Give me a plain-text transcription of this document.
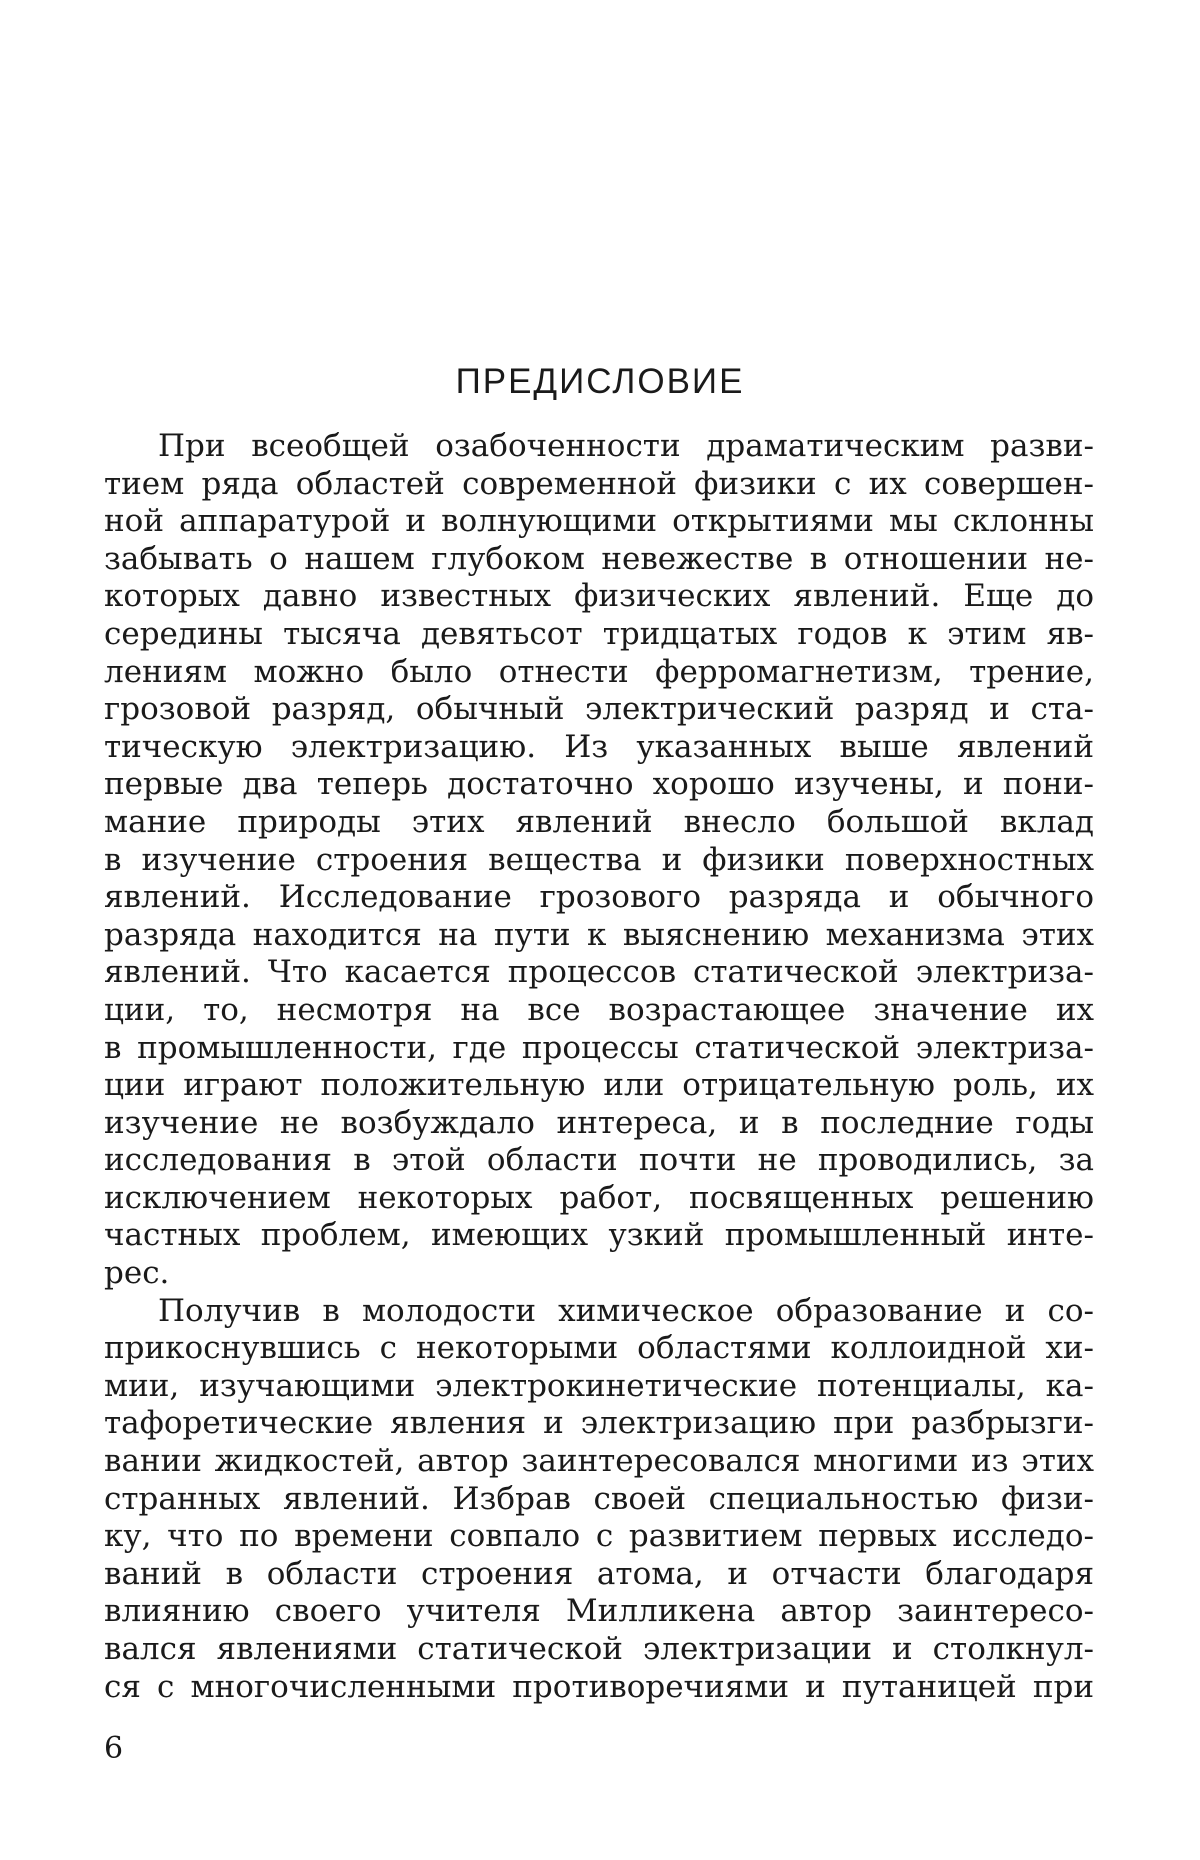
ПРЕДИСЛОВИЕ
При всеобщей озабоченности драматическим разви-
тием ряда областей современной физики с их совершен-
ной аппаратурой и волнующими открытиями мы склонны
забывать о нашем глубоком невежестве в отношении не-
которых давно известных физических явлений. Еще до
середины тысяча девятьсот тридцатых годов к этим яв-
лениям можно было отнести ферромагнетизм, трение,
грозовой разряд, обычный электрический разряд и ста-
тическую электризацию. Из указанных выше явлений
первые два теперь достаточно хорошо изучены, и пони-
мание природы этих явлений внесло большой вклад
в изучение строения вещества и физики поверхностных
явлений. Исследование грозового разряда и обычного
разряда находится на пути к выяснению механизма этих
явлений. Что касается процессов статической электриза-
ции, то, несмотря на все возрастающее значение их
в промышленности, где процессы статической электриза-
ции играют положительную или отрицательную роль, их
изучение не возбуждало интереса, и в последние годы
исследования в этой области почти не проводились, за
исключением некоторых работ, посвященных решению
частных проблем, имеющих узкий промышленный инте-
рес.
Получив в молодости химическое образование и со-
прикоснувшись с некоторыми областями коллоидной хи-
мии, изучающими электрокинетические потенциалы, ка-
тафоретические явления и электризацию при разбрызги-
вании жидкостей, автор заинтересовался многими из этих
странных явлений. Избрав своей специальностью физи-
ку, что по времени совпало с развитием первых исследо-
ваний в области строения атома, и отчасти благодаря
влиянию своего учителя Милликена автор заинтересо-
вался явлениями статической электризации и столкнул-
ся с многочисленными противоречиями и путаницей при
6
